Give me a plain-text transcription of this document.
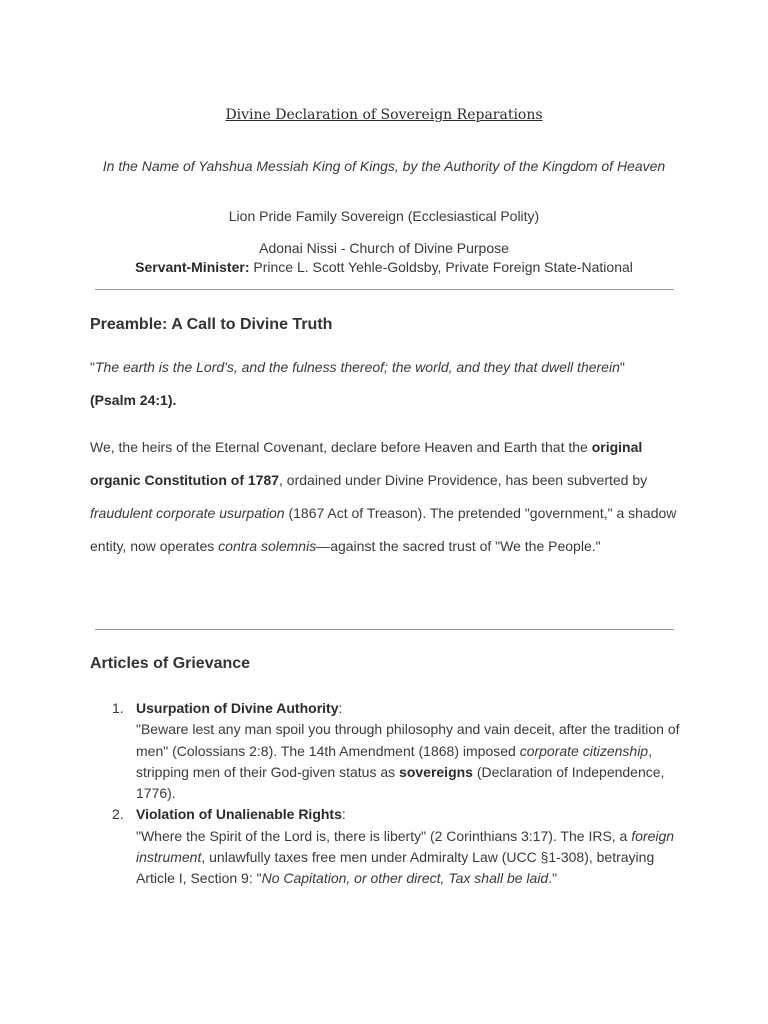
Divine Declaration of Sovereign Reparations

In the Name of Yahshua Messiah King of Kings, by the Authority of the Kingdom of Heaven

Lion Pride Family Sovereign (Ecclesiastical Polity)

Adonai Nissi - Church of Divine Purpose

Servant-Minister: Prince L. Scott Yehle-Goldsby, Private Foreign State-National

Preamble: A Call to Divine Truth

"The earth is the Lord's, and the fulness thereof; the world, and they that dwell therein"
(Psalm 24:1).

We, the heirs of the Eternal Covenant, declare before Heaven and Earth that the original organic Constitution of 1787, ordained under Divine Providence, has been subverted by fraudulent corporate usurpation (1867 Act of Treason). The pretended "government," a shadow entity, now operates contra solemnis—against the sacred trust of "We the People."

Articles of Grievance

1. Usurpation of Divine Authority:
"Beware lest any man spoil you through philosophy and vain deceit, after the tradition of men" (Colossians 2:8). The 14th Amendment (1868) imposed corporate citizenship, stripping men of their God-given status as sovereigns (Declaration of Independence, 1776).
2. Violation of Unalienable Rights:
"Where the Spirit of the Lord is, there is liberty" (2 Corinthians 3:17). The IRS, a foreign instrument, unlawfully taxes free men under Admiralty Law (UCC §1-308), betraying Article I, Section 9: "No Capitation, or other direct, Tax shall be laid."
